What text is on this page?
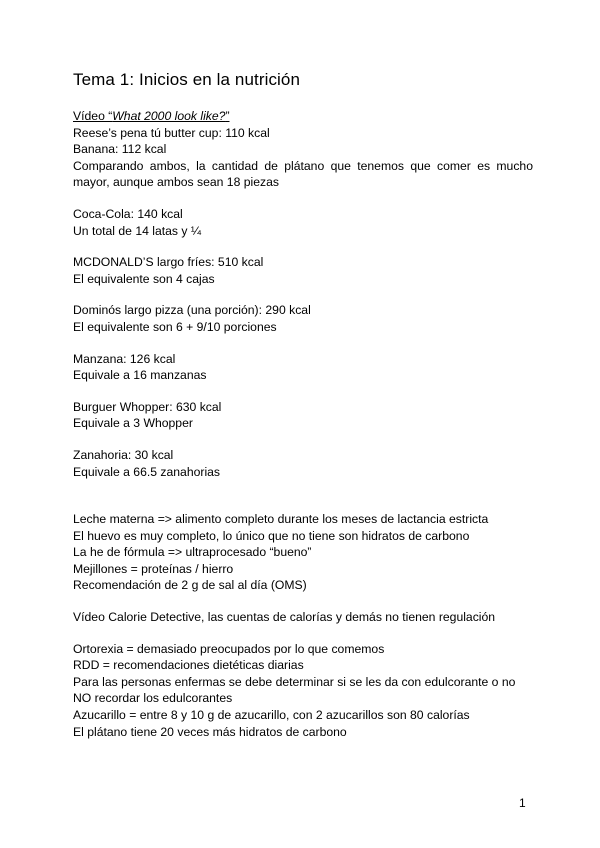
Tema 1: Inicios en la nutrición

Vídeo “What 2000 look like?”

Reese’s pena tú butter cup: 110 kcal

Banana: 112 kcal

Comparando ambos, la cantidad de plátano que tenemos que comer es mucho mayor, aunque ambos sean 18 piezas

Coca-Cola: 140 kcal

Un total de 14 latas y ¼

MCDONALD’S largo fríes: 510 kcal

El equivalente son 4 cajas

Dominós largo pizza (una porción): 290 kcal

El equivalente son 6 + 9/10 porciones

Manzana: 126 kcal

Equivale a 16 manzanas

Burguer Whopper: 630 kcal

Equivale a 3 Whopper

Zanahoria: 30 kcal

Equivale a 66.5 zanahorias

Leche materna => alimento completo durante los meses de lactancia estricta

El huevo es muy completo, lo único que no tiene son hidratos de carbono

La he de fórmula => ultraprocesado “bueno”

Mejillones = proteínas / hierro

Recomendación de 2 g de sal al día (OMS)

Vídeo Calorie Detective, las cuentas de calorías y demás no tienen regulación

Ortorexia = demasiado preocupados por lo que comemos

RDD = recomendaciones dietéticas diarias

Para las personas enfermas se debe determinar si se les da con edulcorante o no

NO recordar los edulcorantes

Azucarillo = entre 8 y 10 g de azucarillo, con 2 azucarillos son 80 calorías

El plátano tiene 20 veces más hidratos de carbono

1
